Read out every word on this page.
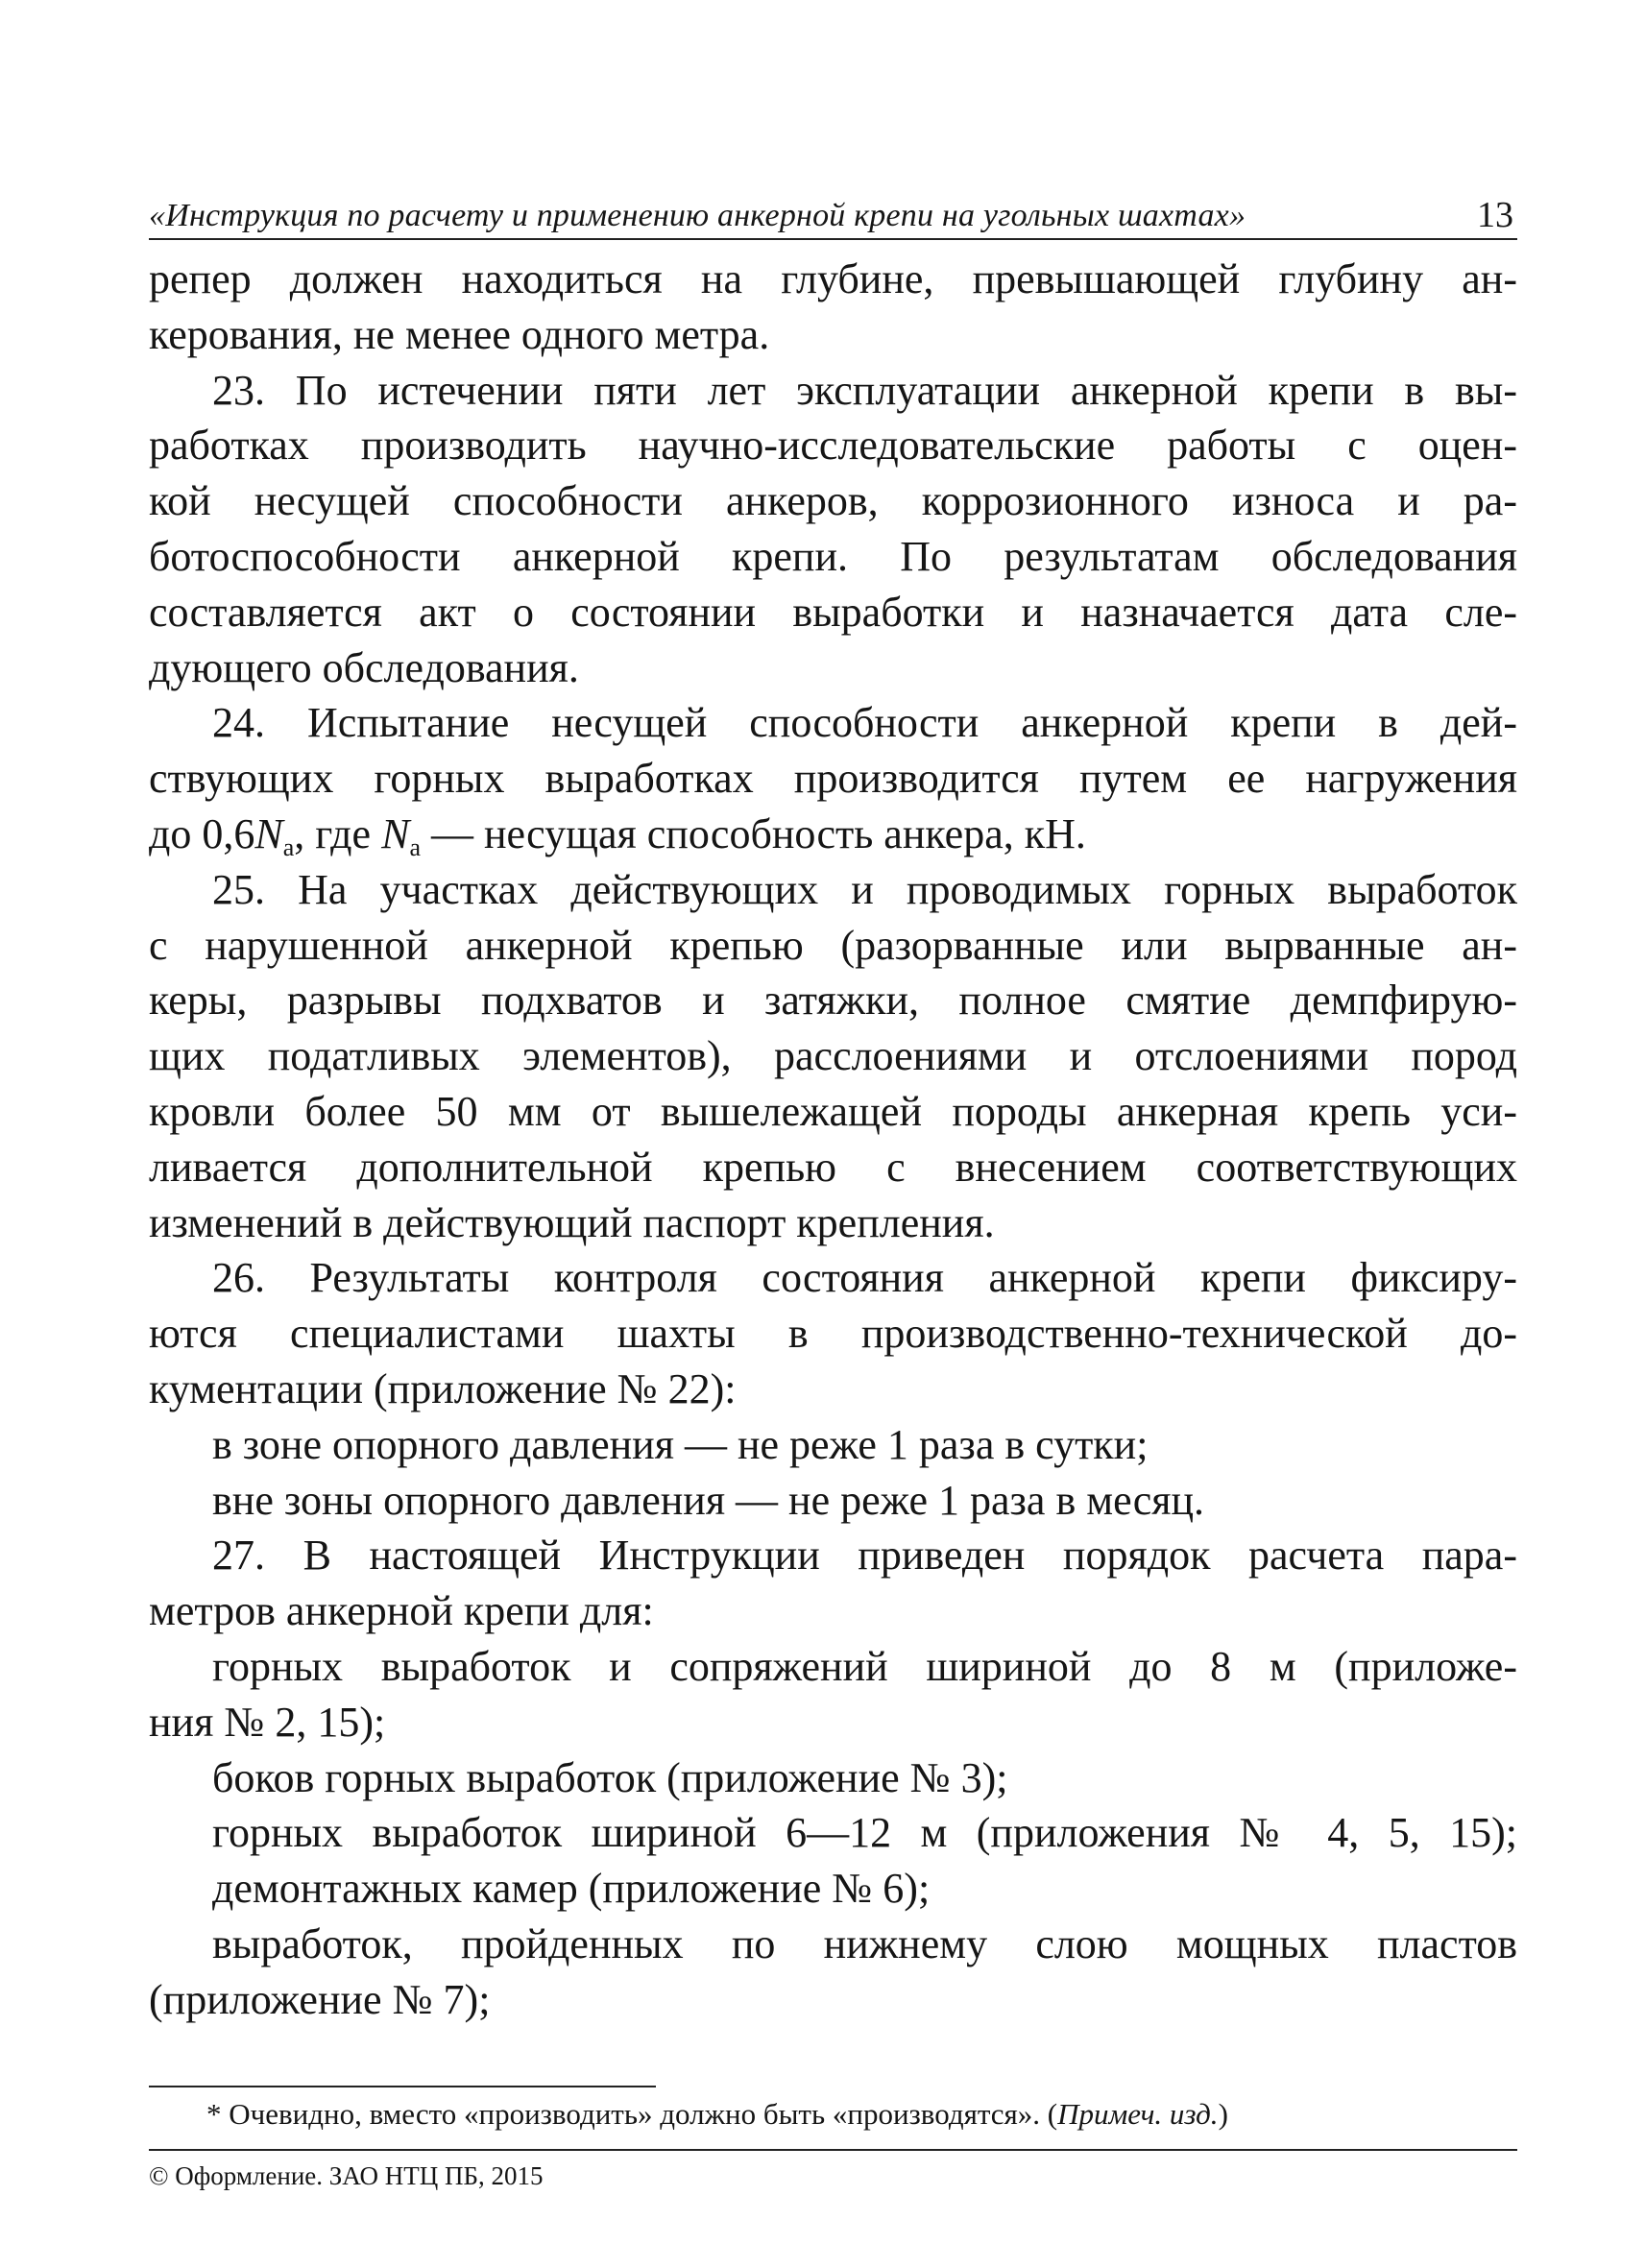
«Инструкция по расчету и применению анкерной крепи на угольных шахтах»	13
репер должен находиться на глубине, превышающей глубину ан-
керования, не менее одного метра.
23. По истечении пяти лет эксплуатации анкерной крепи в вы-
работках производить научно-исследовательские работы с оцен-
кой несущей способности анкеров, коррозионного износа и ра-
ботоспособности анкерной крепи. По результатам обследования
составляется акт о состоянии выработки и назначается дата сле-
дующего обследования.
24. Испытание несущей способности анкерной крепи в дей-
ствующих горных выработках производится путем ее нагружения
до $0,6N_а$, где $N_а$ — несущая способность анкера, кН.
25. На участках действующих и проводимых горных выработок
с нарушенной анкерной крепью (разорванные или вырванные ан-
керы, разрывы подхватов и затяжки, полное смятие демпфирую-
щих податливых элементов), расслоениями и отслоениями пород
кровли более 50 мм от вышележащей породы анкерная крепь уси-
ливается дополнительной крепью с внесением соответствующих
изменений в действующий паспорт крепления.
26. Результаты контроля состояния анкерной крепи фиксиру-
ются специалистами шахты в производственно-технической до-
кументации (приложение № 22):
в зоне опорного давления — не реже 1 раза в сутки;
вне зоны опорного давления — не реже 1 раза в месяц.
27. В настоящей Инструкции приведен порядок расчета пара-
метров анкерной крепи для:
горных выработок и сопряжений шириной до 8 м (приложе-
ния № 2, 15);
боков горных выработок (приложение № 3);
горных выработок шириной 6—12 м (приложения № 4, 5, 15);
демонтажных камер (приложение № 6);
выработок, пройденных по нижнему слою мощных пластов
(приложение № 7);
* Очевидно, вместо «производить» должно быть «производятся». (Примеч. изд.)
© Оформление. ЗАО НТЦ ПБ, 2015
